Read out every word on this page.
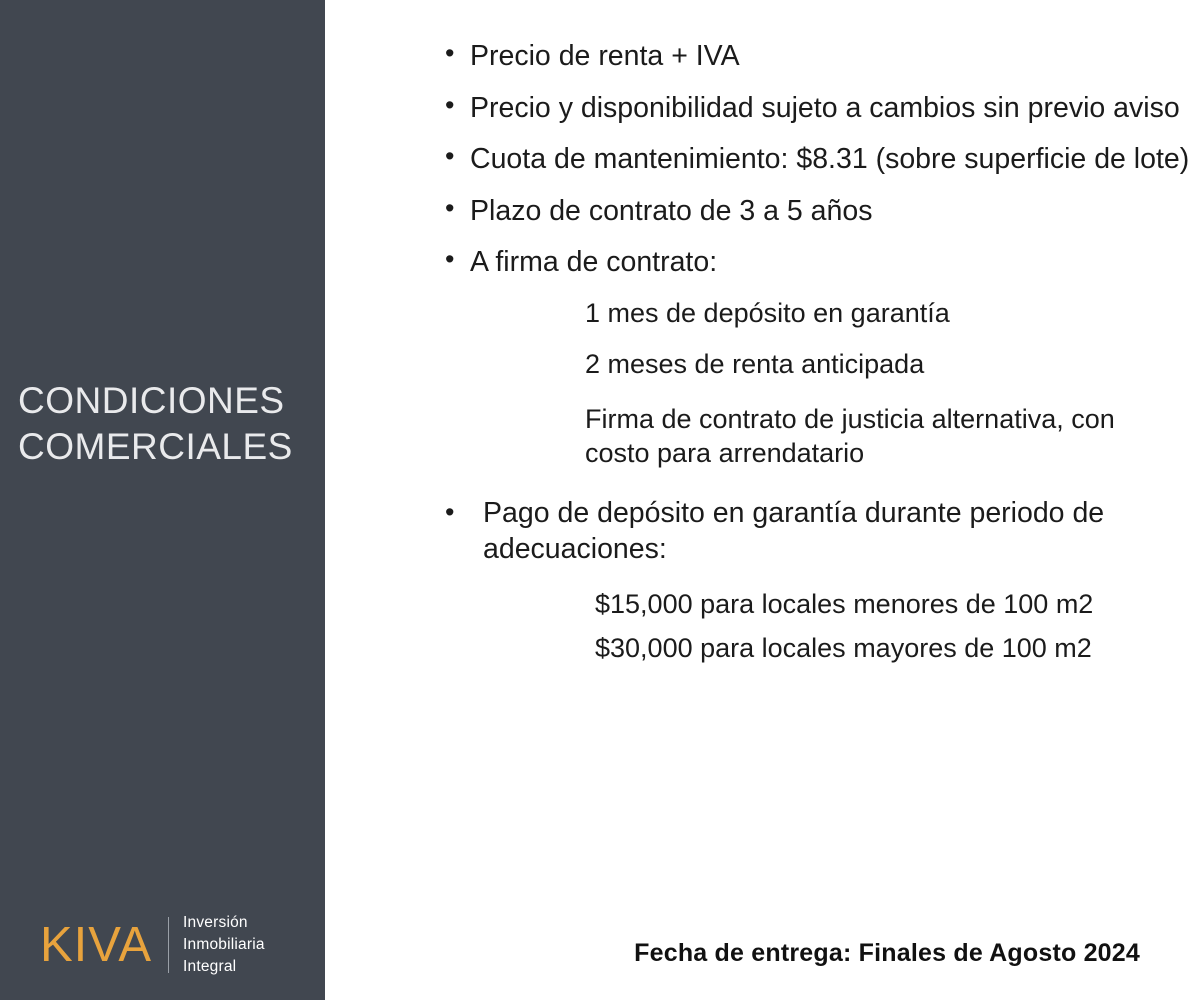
CONDICIONES
COMERCIALES
KIVA Inversión
Inmobiliaria
Integral
• Precio de renta + IVA
• Precio y disponibilidad sujeto a cambios sin previo aviso
• Cuota de mantenimiento: $8.31 (sobre superficie de lote)
• Plazo de contrato de 3 a 5 años
• A firma de contrato:
1 mes de depósito en garantía
2 meses de renta anticipada
Firma de contrato de justicia alternativa, con costo para arrendatario
• Pago de depósito en garantía durante periodo de adecuaciones:
$15,000 para locales menores de 100 m2
$30,000 para locales mayores de 100 m2
Fecha de entrega: Finales de Agosto 2024
